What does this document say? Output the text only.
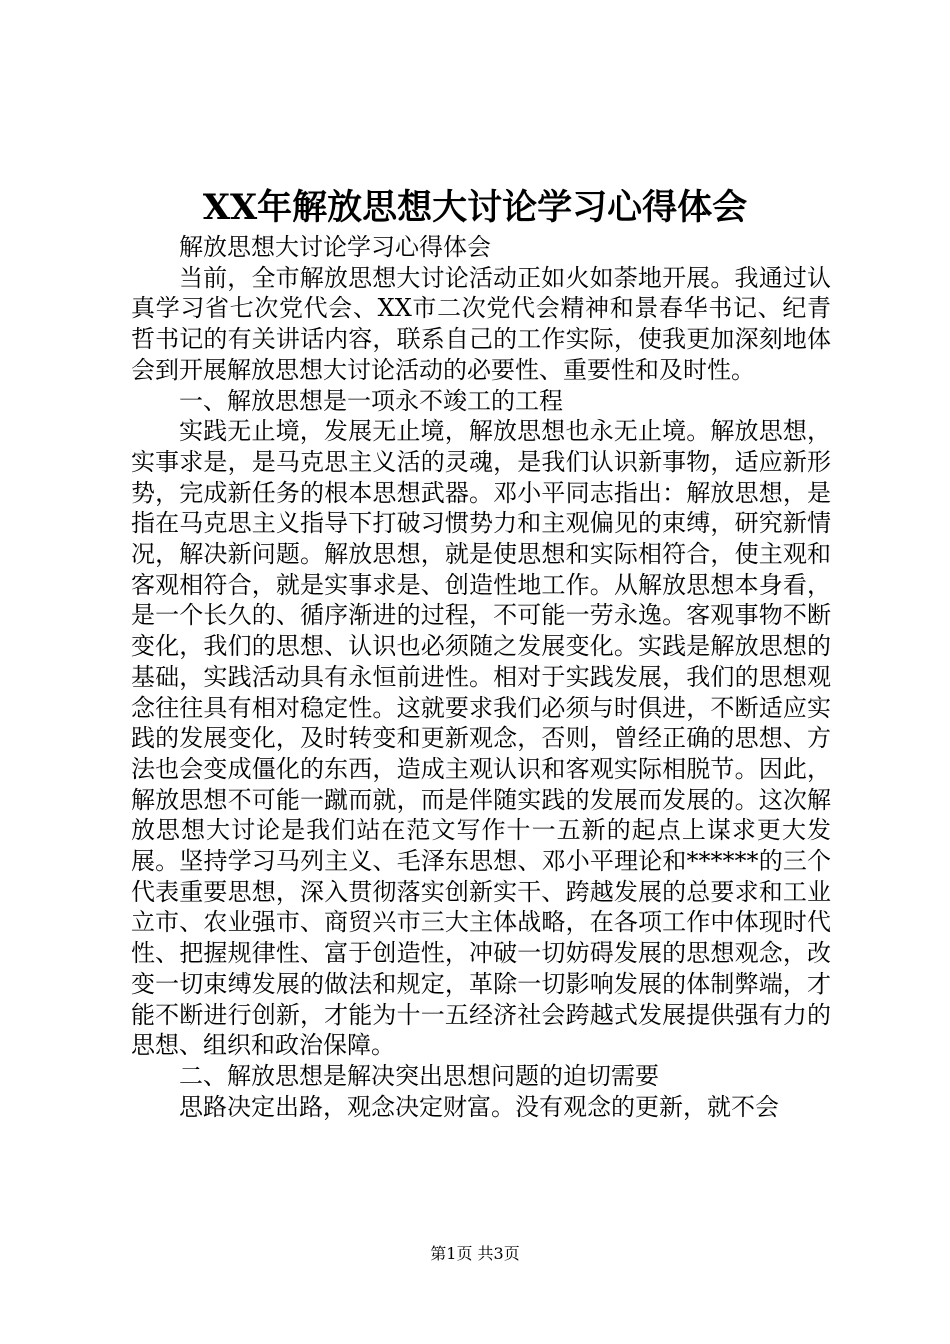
XX年解放思想大讨论学习心得体会

解放思想大讨论学习心得体会

当前，全市解放思想大讨论活动正如火如荼地开展。我通过认真学习省七次党代会、XX市二次党代会精神和景春华书记、纪青哲书记的有关讲话内容，联系自己的工作实际，使我更加深刻地体会到开展解放思想大讨论活动的必要性、重要性和及时性。

一、解放思想是一项永不竣工的工程

实践无止境，发展无止境，解放思想也永无止境。解放思想，实事求是，是马克思主义活的灵魂，是我们认识新事物，适应新形势，完成新任务的根本思想武器。邓小平同志指出：解放思想，是指在马克思主义指导下打破习惯势力和主观偏见的束缚，研究新情况，解决新问题。解放思想，就是使思想和实际相符合，使主观和客观相符合，就是实事求是、创造性地工作。从解放思想本身看，是一个长久的、循序渐进的过程，不可能一劳永逸。客观事物不断变化，我们的思想、认识也必须随之发展变化。实践是解放思想的基础，实践活动具有永恒前进性。相对于实践发展，我们的思想观念往往具有相对稳定性。这就要求我们必须与时俱进，不断适应实践的发展变化，及时转变和更新观念，否则，曾经正确的思想、方法也会变成僵化的东西，造成主观认识和客观实际相脱节。因此，解放思想不可能一蹴而就，而是伴随实践的发展而发展的。这次解放思想大讨论是我们站在范文写作十一五新的起点上谋求更大发展。坚持学习马列主义、毛泽东思想、邓小平理论和******的三个代表重要思想，深入贯彻落实创新实干、跨越发展的总要求和工业立市、农业强市、商贸兴市三大主体战略，在各项工作中体现时代性、把握规律性、富于创造性，冲破一切妨碍发展的思想观念，改变一切束缚发展的做法和规定，革除一切影响发展的体制弊端，才能不断进行创新，才能为十一五经济社会跨越式发展提供强有力的思想、组织和政治保障。

二、解放思想是解决突出思想问题的迫切需要

思路决定出路，观念决定财富。没有观念的更新，就不会

第1页 共3页
